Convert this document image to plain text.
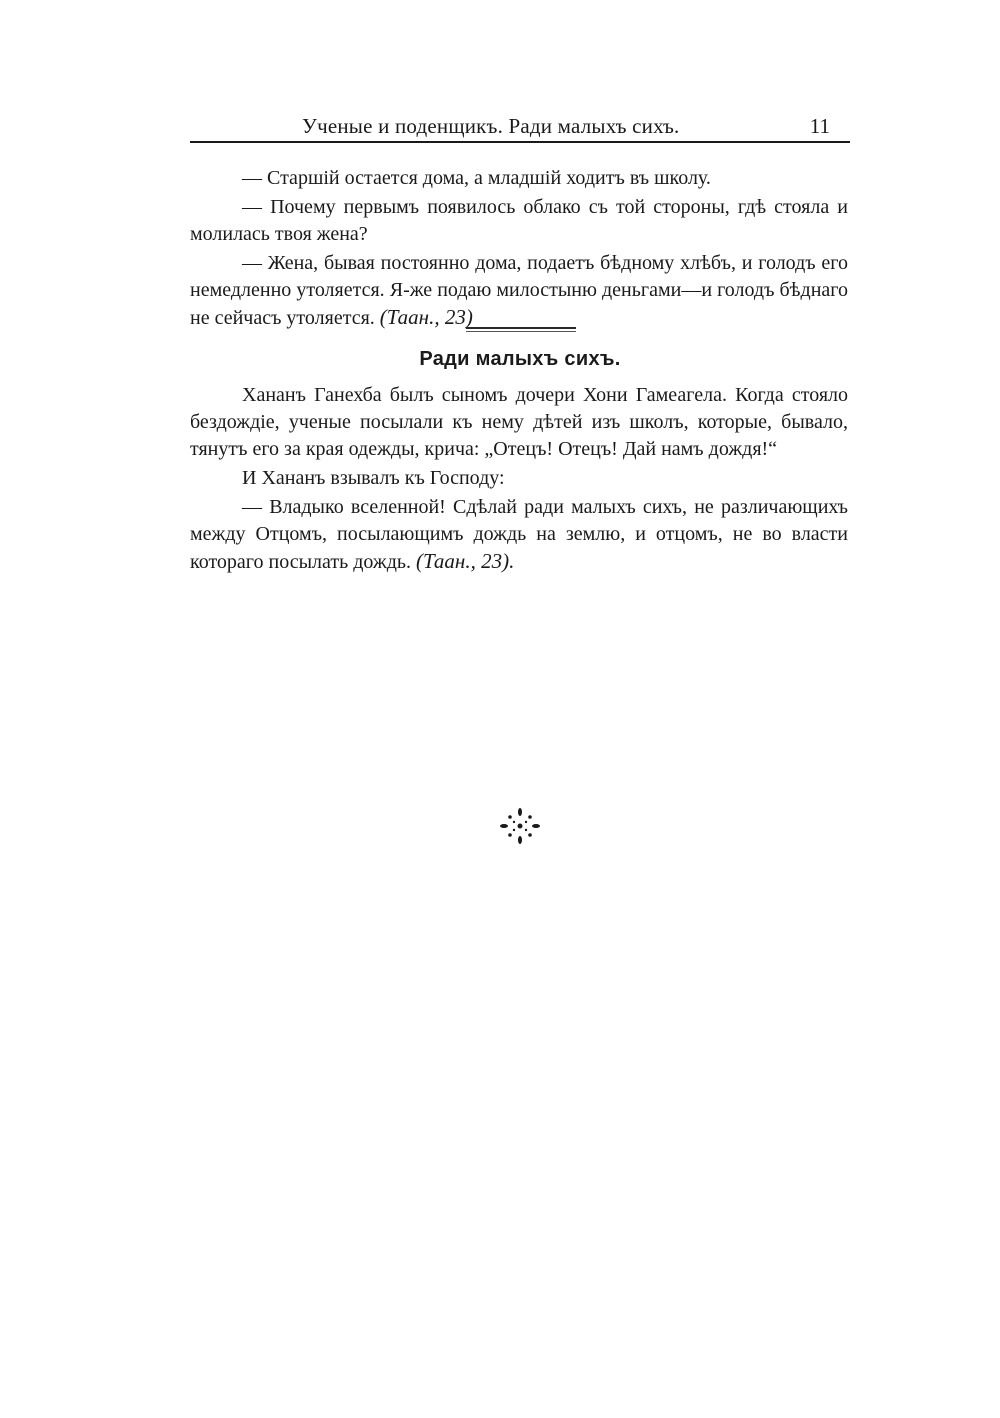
Ученые и поденщикъ. Ради малыхъ сихъ.	11

— Старшій остается дома, а младшій ходитъ въ школу.

— Почему первымъ появилось облако съ той стороны, гдѣ стояла и молилась твоя жена?

— Жена, бывая постоянно дома, подаетъ бѣдному хлѣбъ, и голодъ его немедленно утоляется. Я-же подаю милостыню деньгами—и голодъ бѣднаго не сейчасъ утоляется. (Таан., 23)

Ради малыхъ сихъ.

Хананъ Ганехба былъ сыномъ дочери Хони Гамеагела. Когда стояло бездождіе, ученые посылали къ нему дѣтей изъ школъ, которые, бывало, тянутъ его за края одежды, крича: „Отецъ! Отецъ! Дай намъ дождя!“

И Хананъ взывалъ къ Господу:

— Владыко вселенной! Сдѣлай ради малыхъ сихъ, не различающихъ между Отцомъ, посылающимъ дождь на землю, и отцомъ, не во власти котораго посылать дождь. (Таан., 23).
